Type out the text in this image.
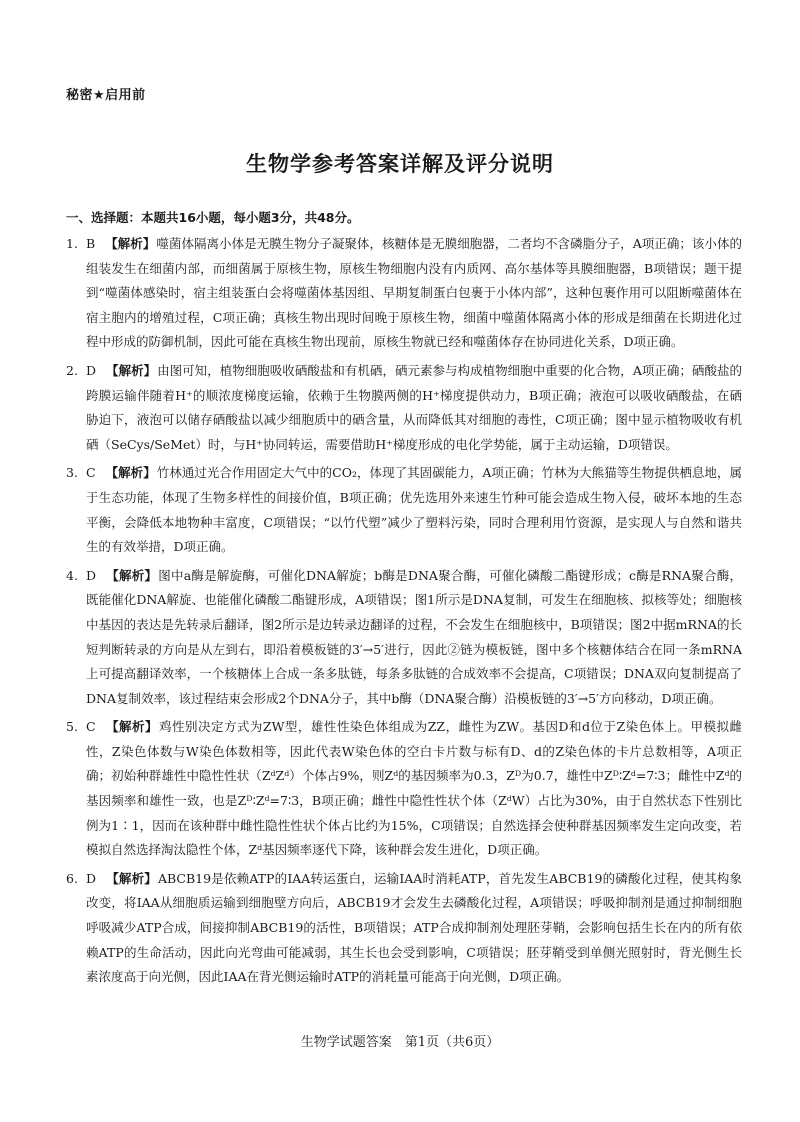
秘密★启用前
生物学参考答案详解及评分说明
一、选择题：本题共16小题，每小题3分，共48分。
1. B 【解析】噬菌体隔离小体是无膜生物分子凝聚体，核糖体是无膜细胞器，二者均不含磷脂分子，A项正确；该小体的组装发生在细菌内部，而细菌属于原核生物，原核生物细胞内没有内质网、高尔基体等具膜细胞器，B项错误；题干提到“噬菌体感染时，宿主组装蛋白会将噬菌体基因组、早期复制蛋白包裹于小体内部”，这种包裹作用可以阻断噬菌体在宿主胞内的增殖过程，C项正确；真核生物出现时间晚于原核生物，细菌中噬菌体隔离小体的形成是细菌在长期进化过程中形成的防御机制，因此可能在真核生物出现前，原核生物就已经和噬菌体存在协同进化关系，D项正确。
2. D 【解析】由图可知，植物细胞吸收硒酸盐和有机硒，硒元素参与构成植物细胞中重要的化合物，A项正确；硒酸盐的跨膜运输伴随着H⁺的顺浓度梯度运输，依赖于生物膜两侧的H⁺梯度提供动力，B项正确；液泡可以吸收硒酸盐，在硒胁迫下，液泡可以储存硒酸盐以减少细胞质中的硒含量，从而降低其对细胞的毒性，C项正确；图中显示植物吸收有机硒（SeCys/SeMet）时，与H⁺协同转运，需要借助H⁺梯度形成的电化学势能，属于主动运输，D项错误。
3. C 【解析】竹林通过光合作用固定大气中的CO₂，体现了其固碳能力，A项正确；竹林为大熊猫等生物提供栖息地，属于生态功能，体现了生物多样性的间接价值，B项正确；优先选用外来速生竹种可能会造成生物入侵，破坏本地的生态平衡，会降低本地物种丰富度，C项错误；“以竹代塑”减少了塑料污染，同时合理利用竹资源，是实现人与自然和谐共生的有效举措，D项正确。
4. D 【解析】图中a酶是解旋酶，可催化DNA解旋；b酶是DNA聚合酶，可催化磷酸二酯键形成；c酶是RNA聚合酶，既能催化DNA解旋、也能催化磷酸二酯键形成，A项错误；图1所示是DNA复制，可发生在细胞核、拟核等处；细胞核中基因的表达是先转录后翻译，图2所示是边转录边翻译的过程，不会发生在细胞核中，B项错误；图2中据mRNA的长短判断转录的方向是从左到右，即沿着模板链的3′→5′进行，因此②链为模板链，图中多个核糖体结合在同一条mRNA上可提高翻译效率，一个核糖体上合成一条多肽链，每条多肽链的合成效率不会提高，C项错误；DNA双向复制提高了DNA复制效率，该过程结束会形成2个DNA分子，其中b酶（DNA聚合酶）沿模板链的3′→5′方向移动，D项正确。
5. C 【解析】鸡性别决定方式为ZW型，雄性性染色体组成为ZZ，雌性为ZW。基因D和d位于Z染色体上。甲模拟雌性，Z染色体数与W染色体数相等，因此代表W染色体的空白卡片数与标有D、d的Z染色体的卡片总数相等，A项正确；初始种群雄性中隐性性状（ZᵈZᵈ）个体占9%，则Zᵈ的基因频率为0.3，Zᴰ为0.7，雄性中Zᴰ∶Zᵈ=7∶3；雌性中Zᵈ的基因频率和雄性一致，也是Zᴰ∶Zᵈ=7∶3，B项正确；雌性中隐性性状个体（ZᵈW）占比为30%，由于自然状态下性别比例为1∶1，因而在该种群中雌性隐性性状个体占比约为15%，C项错误；自然选择会使种群基因频率发生定向改变，若模拟自然选择淘汰隐性个体，Zᵈ基因频率逐代下降，该种群会发生进化，D项正确。
6. D 【解析】ABCB19是依赖ATP的IAA转运蛋白，运输IAA时消耗ATP，首先发生ABCB19的磷酸化过程，使其构象改变，将IAA从细胞质运输到细胞壁方向后，ABCB19才会发生去磷酸化过程，A项错误；呼吸抑制剂是通过抑制细胞呼吸减少ATP合成，间接抑制ABCB19的活性，B项错误；ATP合成抑制剂处理胚芽鞘，会影响包括生长在内的所有依赖ATP的生命活动，因此向光弯曲可能减弱，其生长也会受到影响，C项错误；胚芽鞘受到单侧光照射时，背光侧生长素浓度高于向光侧，因此IAA在背光侧运输时ATP的消耗量可能高于向光侧，D项正确。
生物学试题答案　第1页（共6页）
